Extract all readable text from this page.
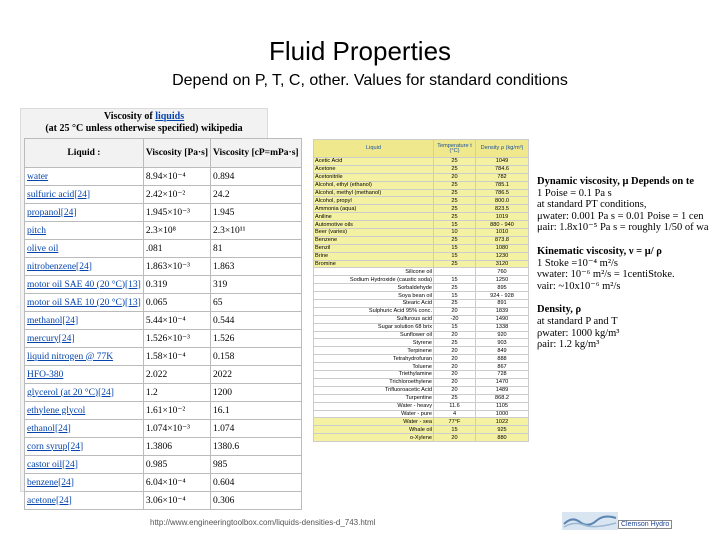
Fluid Properties
Depend on P, T, C, other. Values for standard conditions
Viscosity of liquids
(at 25 °C unless otherwise specified) wikipedia
Liquid :	Viscosity [Pa·s]	Viscosity [cP=mPa·s]
water	8.94×10⁻⁴	0.894
sulfuric acid[24]	2.42×10⁻²	24.2
propanol[24]	1.945×10⁻³	1.945
pitch	2.3×10⁸	2.3×10¹¹
olive oil	.081	81
nitrobenzene[24]	1.863×10⁻³	1.863
motor oil SAE 40 (20 °C)[13]	0.319	319
motor oil SAE 10 (20 °C)[13]	0.065	65
methanol[24]	5.44×10⁻⁴	0.544
mercury[24]	1.526×10⁻³	1.526
liquid nitrogen @ 77K	1.58×10⁻⁴	0.158
HFO-380	2.022	2022
glycerol (at 20 °C)[24]	1.2	1200
ethylene glycol	1.61×10⁻²	16.1
ethanol[24]	1.074×10⁻³	1.074
corn syrup[24]	1.3806	1380.6
castor oil[24]	0.985	985
benzene[24]	6.04×10⁻⁴	0.604
acetone[24]	3.06×10⁻⁴	0.306
Liquid	Temperature t (°C)	Density ρ (kg/m³)
Acetic Acid	25	1049
Acetone	25	784.6
Acetonitrile	20	782
Alcohol, ethyl (ethanol)	25	785.1
Alcohol, methyl (methanol)	25	786.5
Alcohol, propyl	25	800.0
Ammonia (aqua)	25	823.5
Aniline	25	1019
Automotive oils	15	880 - 940
Beer (varies)	10	1010
Benzene	25	873.8
Benzil	15	1080
Brine	15	1230
Bromine	25	3120
Silicone oil		760
Sodium Hydroxide (caustic soda)	15	1250
Sorbaldehyde	25	895
Soya bean oil	15	924 - 928
Stearic Acid	25	891
Sulphuric Acid 95% conc.	20	1839
Sulfurous acid	-20	1490
Sugar solution 68 brix	15	1338
Sunflower oil	20	920
Styrene	25	903
Terpinene	20	849
Tetrahydrofuran	20	888
Toluene	20	867
Triethylamine	20	728
Trichloroethylene	20	1470
Trifluoroacetic Acid	20	1489
Turpentine	25	868.2
Water - heavy	11.6	1105
Water - pure	4	1000
Water - sea	77°F	1022
Whale oil	15	925
o-Xylene	20	880
Dynamic viscosity, μ Depends on te
1 Poise = 0.1 Pa s
at standard PT conditions,
μwater: 0.001 Pa s = 0.01 Poise = 1 cen
μair: 1.8x10⁻⁵ Pa s = roughly 1/50 of wa
Kinematic viscosity, ν = μ/ ρ
1 Stoke =10⁻⁴ m²/s
νwater: 10⁻⁶ m²/s = 1centiStoke.
νair: ~10x10⁻⁶ m²/s
Density, ρ
at standard P and T
ρwater: 1000 kg/m³
ρair: 1.2 kg/m³
http://www.engineeringtoolbox.com/liquids-densities-d_743.html	Clemson Hydro
